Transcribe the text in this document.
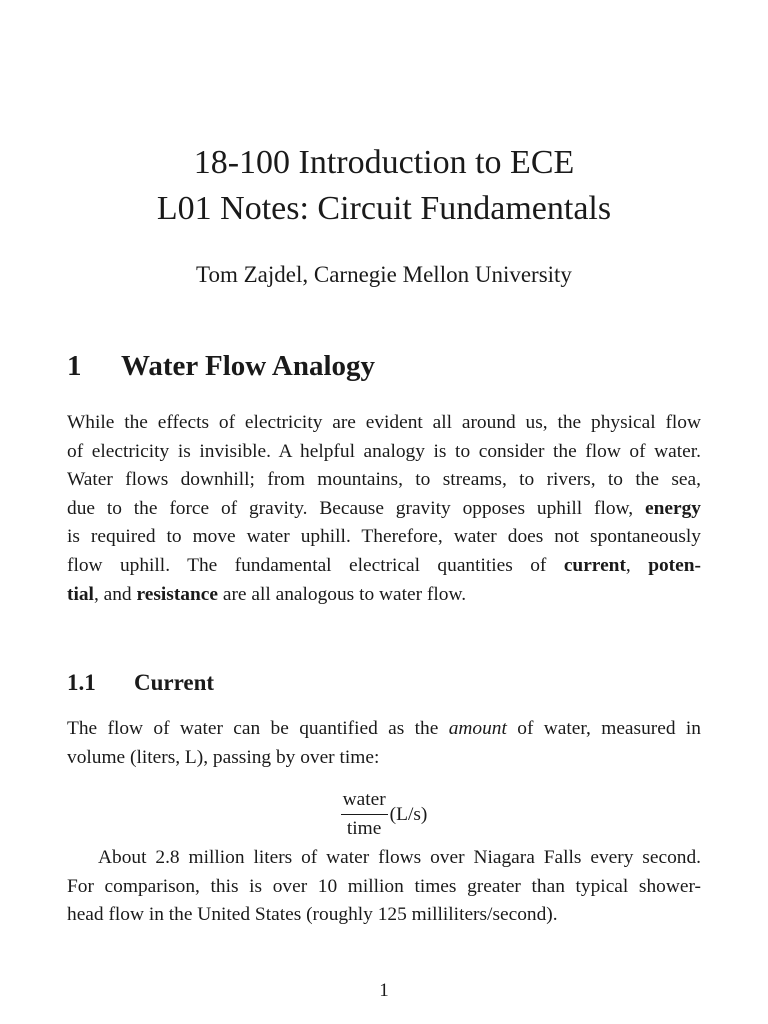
18-100 Introduction to ECE
L01 Notes: Circuit Fundamentals
Tom Zajdel, Carnegie Mellon University
1 Water Flow Analogy
While the effects of electricity are evident all around us, the physical flow
of electricity is invisible. A helpful analogy is to consider the flow of water.
Water flows downhill; from mountains, to streams, to rivers, to the sea,
due to the force of gravity. Because gravity opposes uphill flow, energy
is required to move water uphill. Therefore, water does not spontaneously
flow uphill. The fundamental electrical quantities of current, poten-
tial, and resistance are all analogous to water flow.
1.1 Current
The flow of water can be quantified as the amount of water, measured in
volume (liters, L), passing by over time:
$\frac{\text{water}}{\text{time}} (L/s)$
About 2.8 million liters of water flows over Niagara Falls every second.
For comparison, this is over 10 million times greater than typical shower-
head flow in the United States (roughly 125 milliliters/second).
1
